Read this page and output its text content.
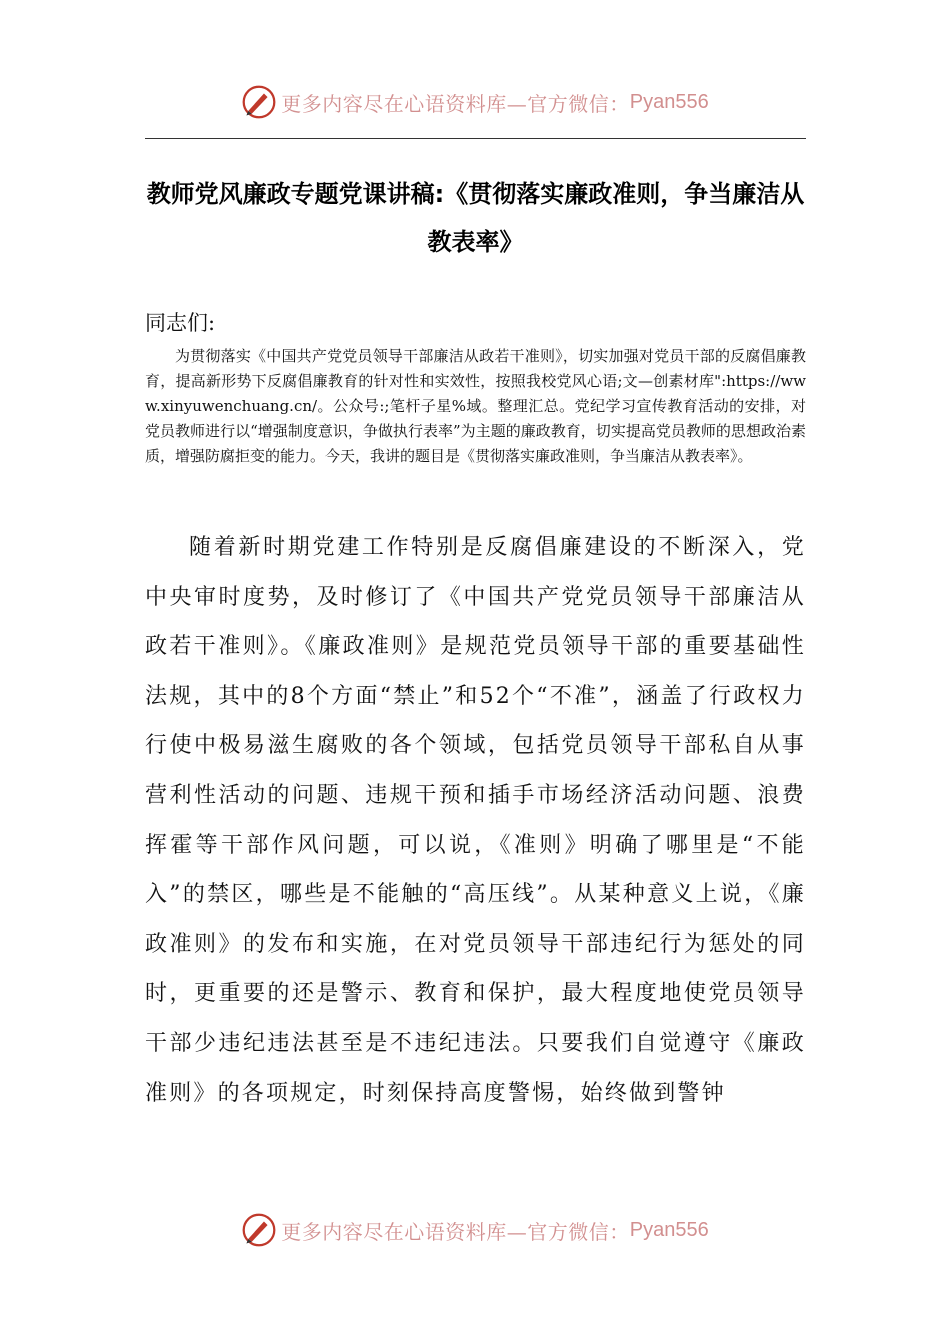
更多内容尽在心语资料库—官方微信： Pyan556
教师党风廉政专题党课讲稿:《贯彻落实廉政准则，争当廉洁从教表率》

同志们:

为贯彻落实《中国共产党党员领导干部廉洁从政若干准则》，切实加强对党员干部的反腐倡廉教育，提高新形势下反腐倡廉教育的针对性和实效性，按照我校党风心语;文—创素材库":https://www.xinyuwenchuang.cn/。公众号:;笔杆子星%域。整理汇总。党纪学习宣传教育活动的安排，对党员教师进行以“增强制度意识，争做执行表率”为主题的廉政教育，切实提高党员教师的思想政治素质，增强防腐拒变的能力。今天，我讲的题目是《贯彻落实廉政准则，争当廉洁从教表率》。

随着新时期党建工作特别是反腐倡廉建设的不断深入，党中央审时度势，及时修订了《中国共产党党员领导干部廉洁从政若干准则》。《廉政准则》是规范党员领导干部的重要基础性法规，其中的8个方面“禁止”和52个“不准”，涵盖了行政权力行使中极易滋生腐败的各个领域，包括党员领导干部私自从事营利性活动的问题、违规干预和插手市场经济活动问题、浪费挥霍等干部作风问题，可以说，《准则》明确了哪里是“不能入”的禁区，哪些是不能触的“高压线”。从某种意义上说，《廉政准则》的发布和实施，在对党员领导干部违纪行为惩处的同时，更重要的还是警示、教育和保护，最大程度地使党员领导干部少违纪违法甚至是不违纪违法。只要我们自觉遵守《廉政准则》的各项规定，时刻保持高度警惕，始终做到警钟

更多内容尽在心语资料库—官方微信： Pyan556
